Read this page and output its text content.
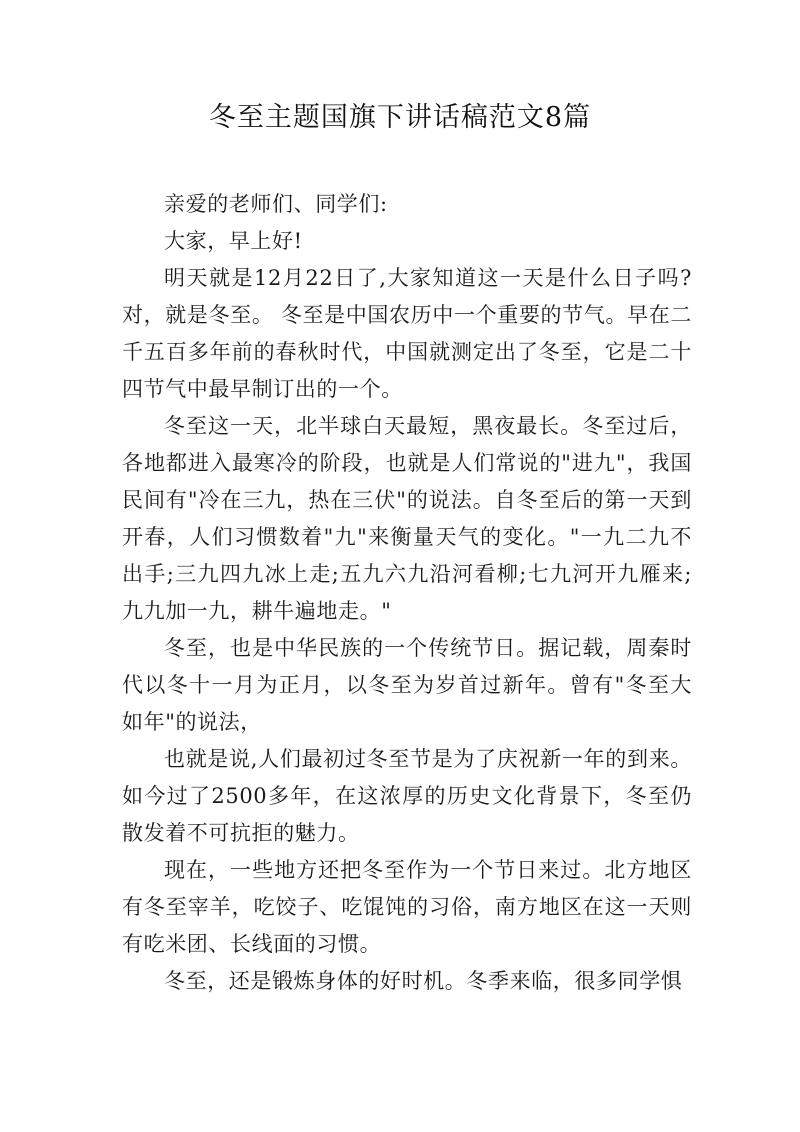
冬至主题国旗下讲话稿范文8篇

亲爱的老师们、同学们:

大家，早上好!

明天就是12月22日了,大家知道这一天是什么日子吗?对，就是冬至。 冬至是中国农历中一个重要的节气。早在二千五百多年前的春秋时代，中国就测定出了冬至，它是二十四节气中最早制订出的一个。

冬至这一天，北半球白天最短，黑夜最长。冬至过后，各地都进入最寒冷的阶段，也就是人们常说的"进九"，我国民间有"冷在三九，热在三伏"的说法。自冬至后的第一天到开春，人们习惯数着"九"来衡量天气的变化。"一九二九不出手;三九四九冰上走;五九六九沿河看柳;七九河开九雁来;九九加一九，耕牛遍地走。"

冬至，也是中华民族的一个传统节日。据记载，周秦时代以冬十一月为正月，以冬至为岁首过新年。曾有"冬至大如年"的说法，

也就是说,人们最初过冬至节是为了庆祝新一年的到来。如今过了2500多年，在这浓厚的历史文化背景下，冬至仍散发着不可抗拒的魅力。

现在，一些地方还把冬至作为一个节日来过。北方地区有冬至宰羊，吃饺子、吃馄饨的习俗，南方地区在这一天则有吃米团、长线面的习惯。

冬至，还是锻炼身体的好时机。冬季来临，很多同学惧
